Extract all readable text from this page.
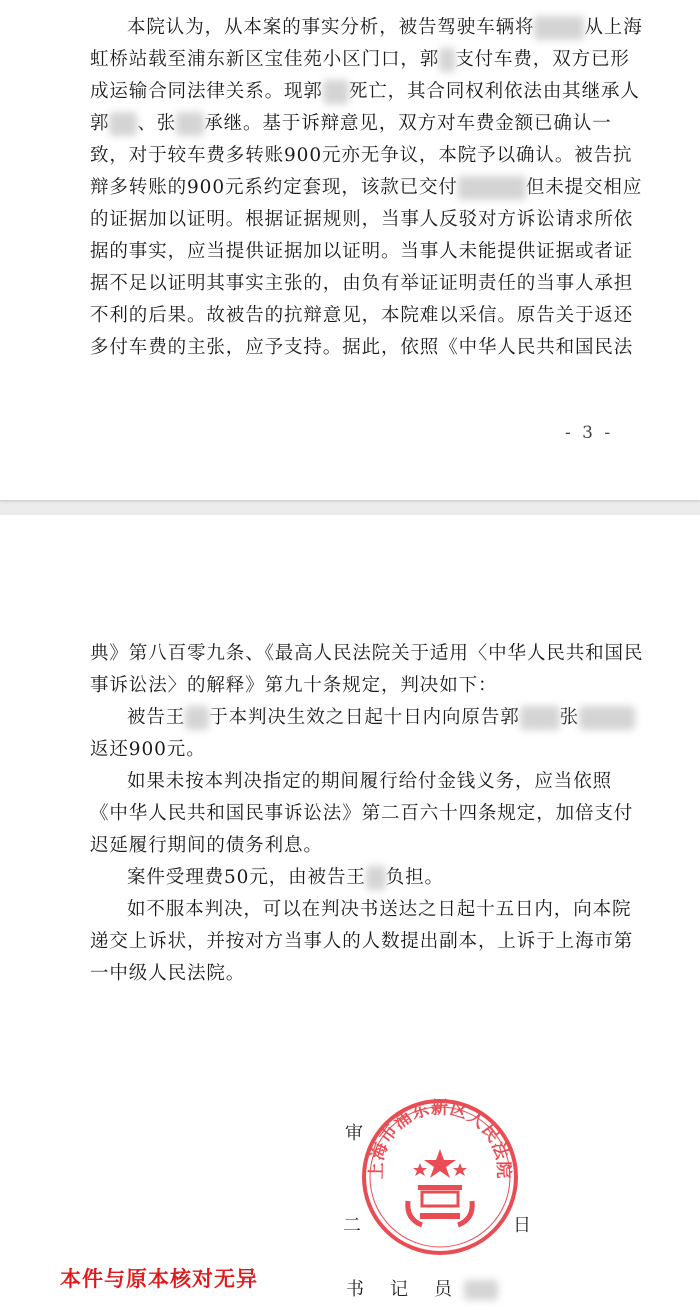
本院认为，从本案的事实分析，被告驾驶车辆将	从上海
虹桥站载至浦东新区宝佳苑小区门口，郭 支付车费，双方已形
成运输合同法律关系。现郭 死亡，其合同权利依法由其继承人
郭 、张 承继。基于诉辩意见，双方对车费金额已确认一
致，对于较车费多转账900元亦无争议，本院予以确认。被告抗
辩多转账的900元系约定套现，该款已交付	但未提交相应
的证据加以证明。根据证据规则，当事人反驳对方诉讼请求所依
据的事实，应当提供证据加以证明。当事人未能提供证据或者证
据不足以证明其事实主张的，由负有举证证明责任的当事人承担
不利的后果。故被告的抗辩意见，本院难以采信。原告关于返还
多付车费的主张，应予支持。据此，依照《中华人民共和国民法
- 3 -
典》第八百零九条、《最高人民法院关于适用〈中华人民共和国民
事诉讼法〉的解释》第九十条规定，判决如下：
被告王 于本判决生效之日起十日内向原告郭 张
返还900元。
如果未按本判决指定的期间履行给付金钱义务，应当依照
《中华人民共和国民事诉讼法》第二百六十四条规定，加倍支付
迟延履行期间的债务利息。
案件受理费50元，由被告王 负担。
如不服本判决，可以在判决书送达之日起十五日内，向本院
递交上诉状，并按对方当事人的人数提出副本，上诉于上海市第
一中级人民法院。
上海市浦东新区人民法院
审
二	日
书　记　员
本件与原本核对无异
